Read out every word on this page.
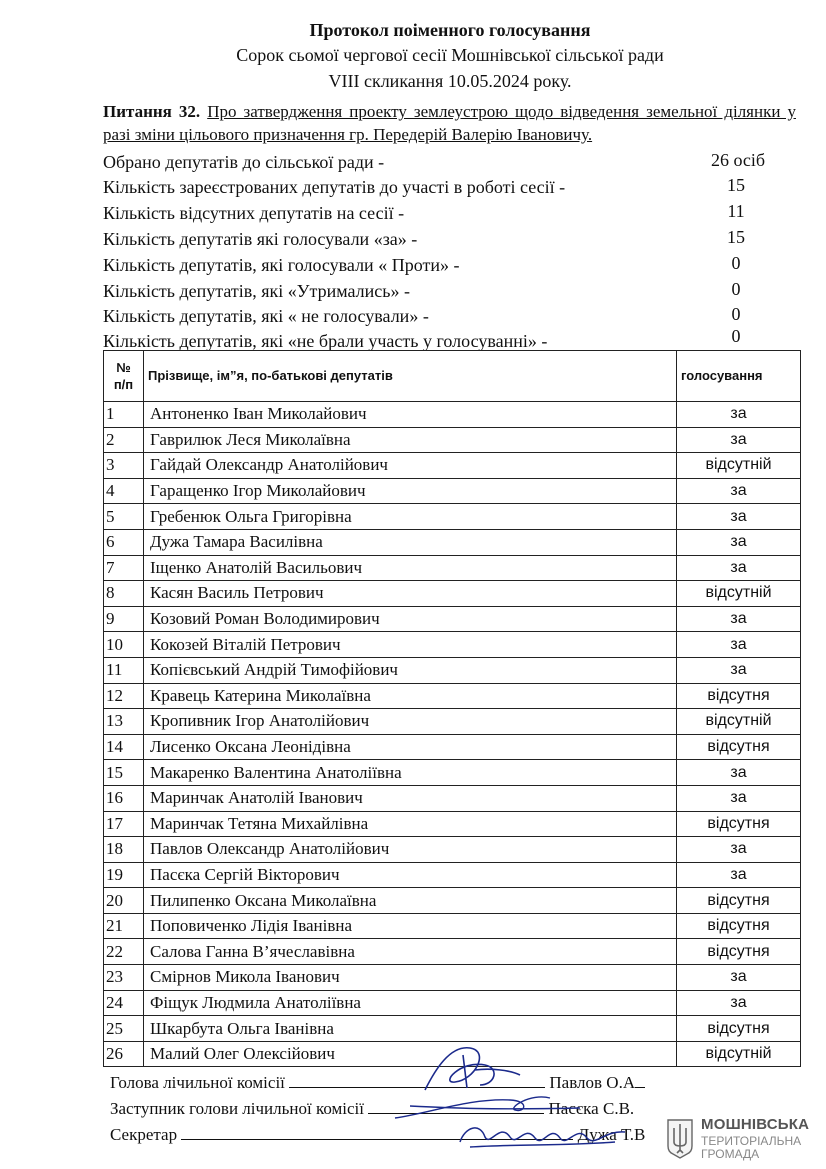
Протокол поіменного голосування
Сорок сьомої чергової сесії Мошнівської сільської ради
VIII скликання 10.05.2024 року.
Питання 32. Про затвердження проекту землеустрою щодо відведення земельної ділянки у разі зміни цільового призначення гр. Передерій Валерію Івановичу.
Обрано депутатів до сільської ради -	26 осіб
Кількість зареєстрованих депутатів до участі в роботі сесії -	15
Кількість відсутних депутатів на сесії -	11
Кількість депутатів які голосували «за» -	15
Кількість депутатів, які голосували « Проти» -	0
Кількість депутатів, які «Утримались» -	0
Кількість депутатів, які « не голосували» -	0
Кількість депутатів, які «не брали участь у голосуванні» -	0
№
п/п	Прізвище, ім”я, по-батькові депутатів	голосування
1	Антоненко Іван Миколайович	за
2	Гаврилюк Леся Миколаївна	за
3	Гайдай Олександр Анатолійович	відсутній
4	Гаращенко Ігор Миколайович	за
5	Гребенюк Ольга Григорівна	за
6	Дужа Тамара Василівна	за
7	Іщенко Анатолій Васильович	за
8	Касян Василь Петрович	відсутній
9	Козовий Роман Володимирович	за
10	Кокозей Віталій Петрович	за
11	Копієвський Андрій Тимофійович	за
12	Кравець Катерина Миколаївна	відсутня
13	Кропивник Ігор Анатолійович	відсутній
14	Лисенко Оксана Леонідівна	відсутня
15	Макаренко Валентина Анатоліївна	за
16	Маринчак Анатолій Іванович	за
17	Маринчак Тетяна Михайлівна	відсутня
18	Павлов Олександр Анатолійович	за
19	Пасєка Сергій Вікторович	за
20	Пилипенко Оксана Миколаївна	відсутня
21	Поповиченко Лідія Іванівна	відсутня
22	Салова Ганна В’ячеславівна	відсутня
23	Смірнов Микола Іванович	за
24	Фіщук Людмила Анатоліївна	за
25	Шкарбута Ольга Іванівна	відсутня
26	Малий Олег Олексійович	відсутній
Голова лічильної комісії	Павлов О.А
Заступник голови лічильної комісії	Пасєка С.В.
Секретар	Дужа Т.В
МОШНІВСЬКА
ТЕРИТОРІАЛЬНА
ГРОМАДА
